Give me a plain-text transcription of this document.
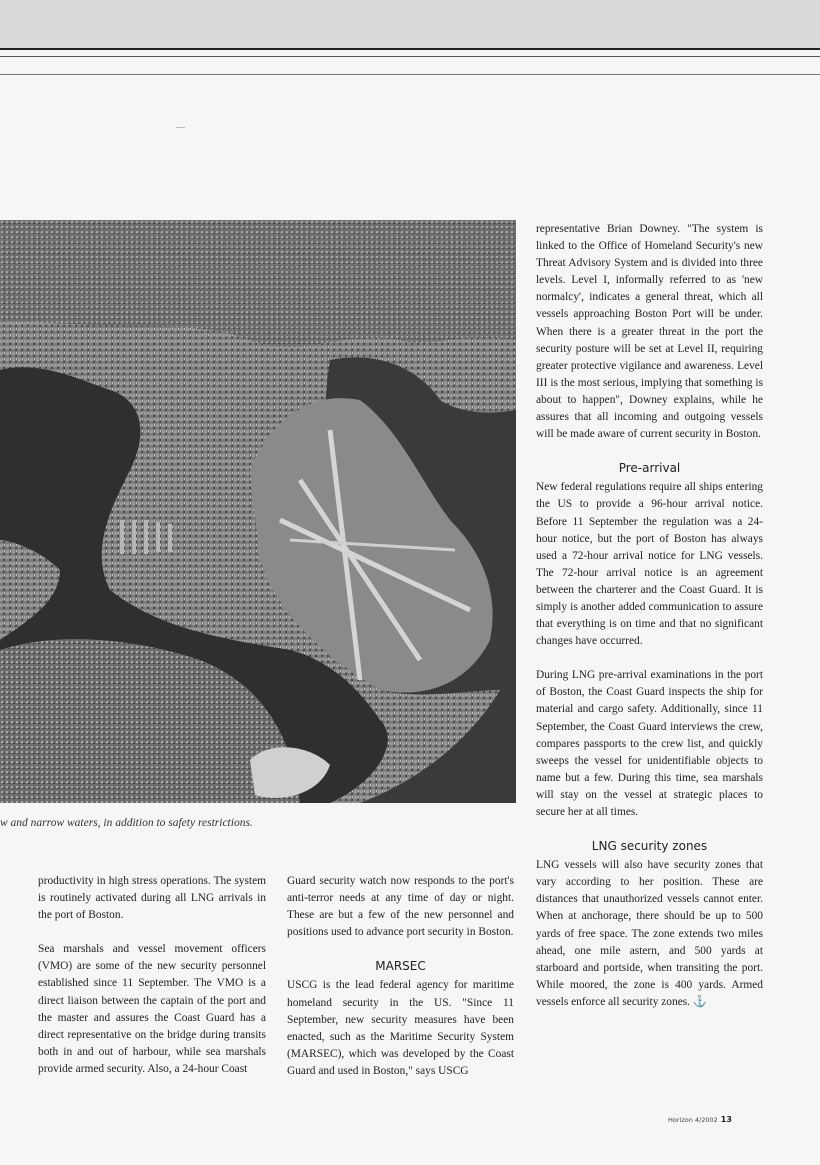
w and narrow waters, in addition to safety restrictions.

productivity in high stress operations. The system is routinely activated during all LNG arrivals in the port of Boston.

Sea marshals and vessel movement officers (VMO) are some of the new security personnel established since 11 September. The VMO is a direct liaison between the captain of the port and the master and assures the Coast Guard has a direct representative on the bridge during transits both in and out of harbour, while sea marshals provide armed security. Also, a 24-hour Coast

Guard security watch now responds to the port's anti-terror needs at any time of day or night. These are but a few of the new personnel and positions used to advance port security in Boston.

MARSEC

USCG is the lead federal agency for maritime homeland security in the US. "Since 11 September, new security measures have been enacted, such as the Maritime Security System (MARSEC), which was developed by the Coast Guard and used in Boston," says USCG

representative Brian Downey. "The system is linked to the Office of Homeland Security's new Threat Advisory System and is divided into three levels. Level I, informally referred to as 'new normalcy', indicates a general threat, which all vessels approaching Boston Port will be under. When there is a greater threat in the port the security posture will be set at Level II, requiring greater protective vigilance and awareness. Level III is the most serious, implying that something is about to happen", Downey explains, while he assures that all incoming and outgoing vessels will be made aware of current security in Boston.

Pre-arrival

New federal regulations require all ships entering the US to provide a 96-hour arrival notice. Before 11 September the regulation was a 24-hour notice, but the port of Boston has always used a 72-hour arrival notice for LNG vessels. The 72-hour arrival notice is an agreement between the charterer and the Coast Guard. It is simply is another added communication to assure that everything is on time and that no significant changes have occurred.

During LNG pre-arrival examinations in the port of Boston, the Coast Guard inspects the ship for material and cargo safety. Additionally, since 11 September, the Coast Guard interviews the crew, compares passports to the crew list, and quickly sweeps the vessel for unidentifiable objects to name but a few. During this time, sea marshals will stay on the vessel at strategic places to secure her at all times.

LNG security zones

LNG vessels will also have security zones that vary according to her position. These are distances that unauthorized vessels cannot enter. When at anchorage, there should be up to 500 yards of free space. The zone extends two miles ahead, one mile astern, and 500 yards at starboard and portside, when transiting the port. While moored, the zone is 400 yards. Armed vessels enforce all security zones. ⚓

Horizon 4/2002 13
